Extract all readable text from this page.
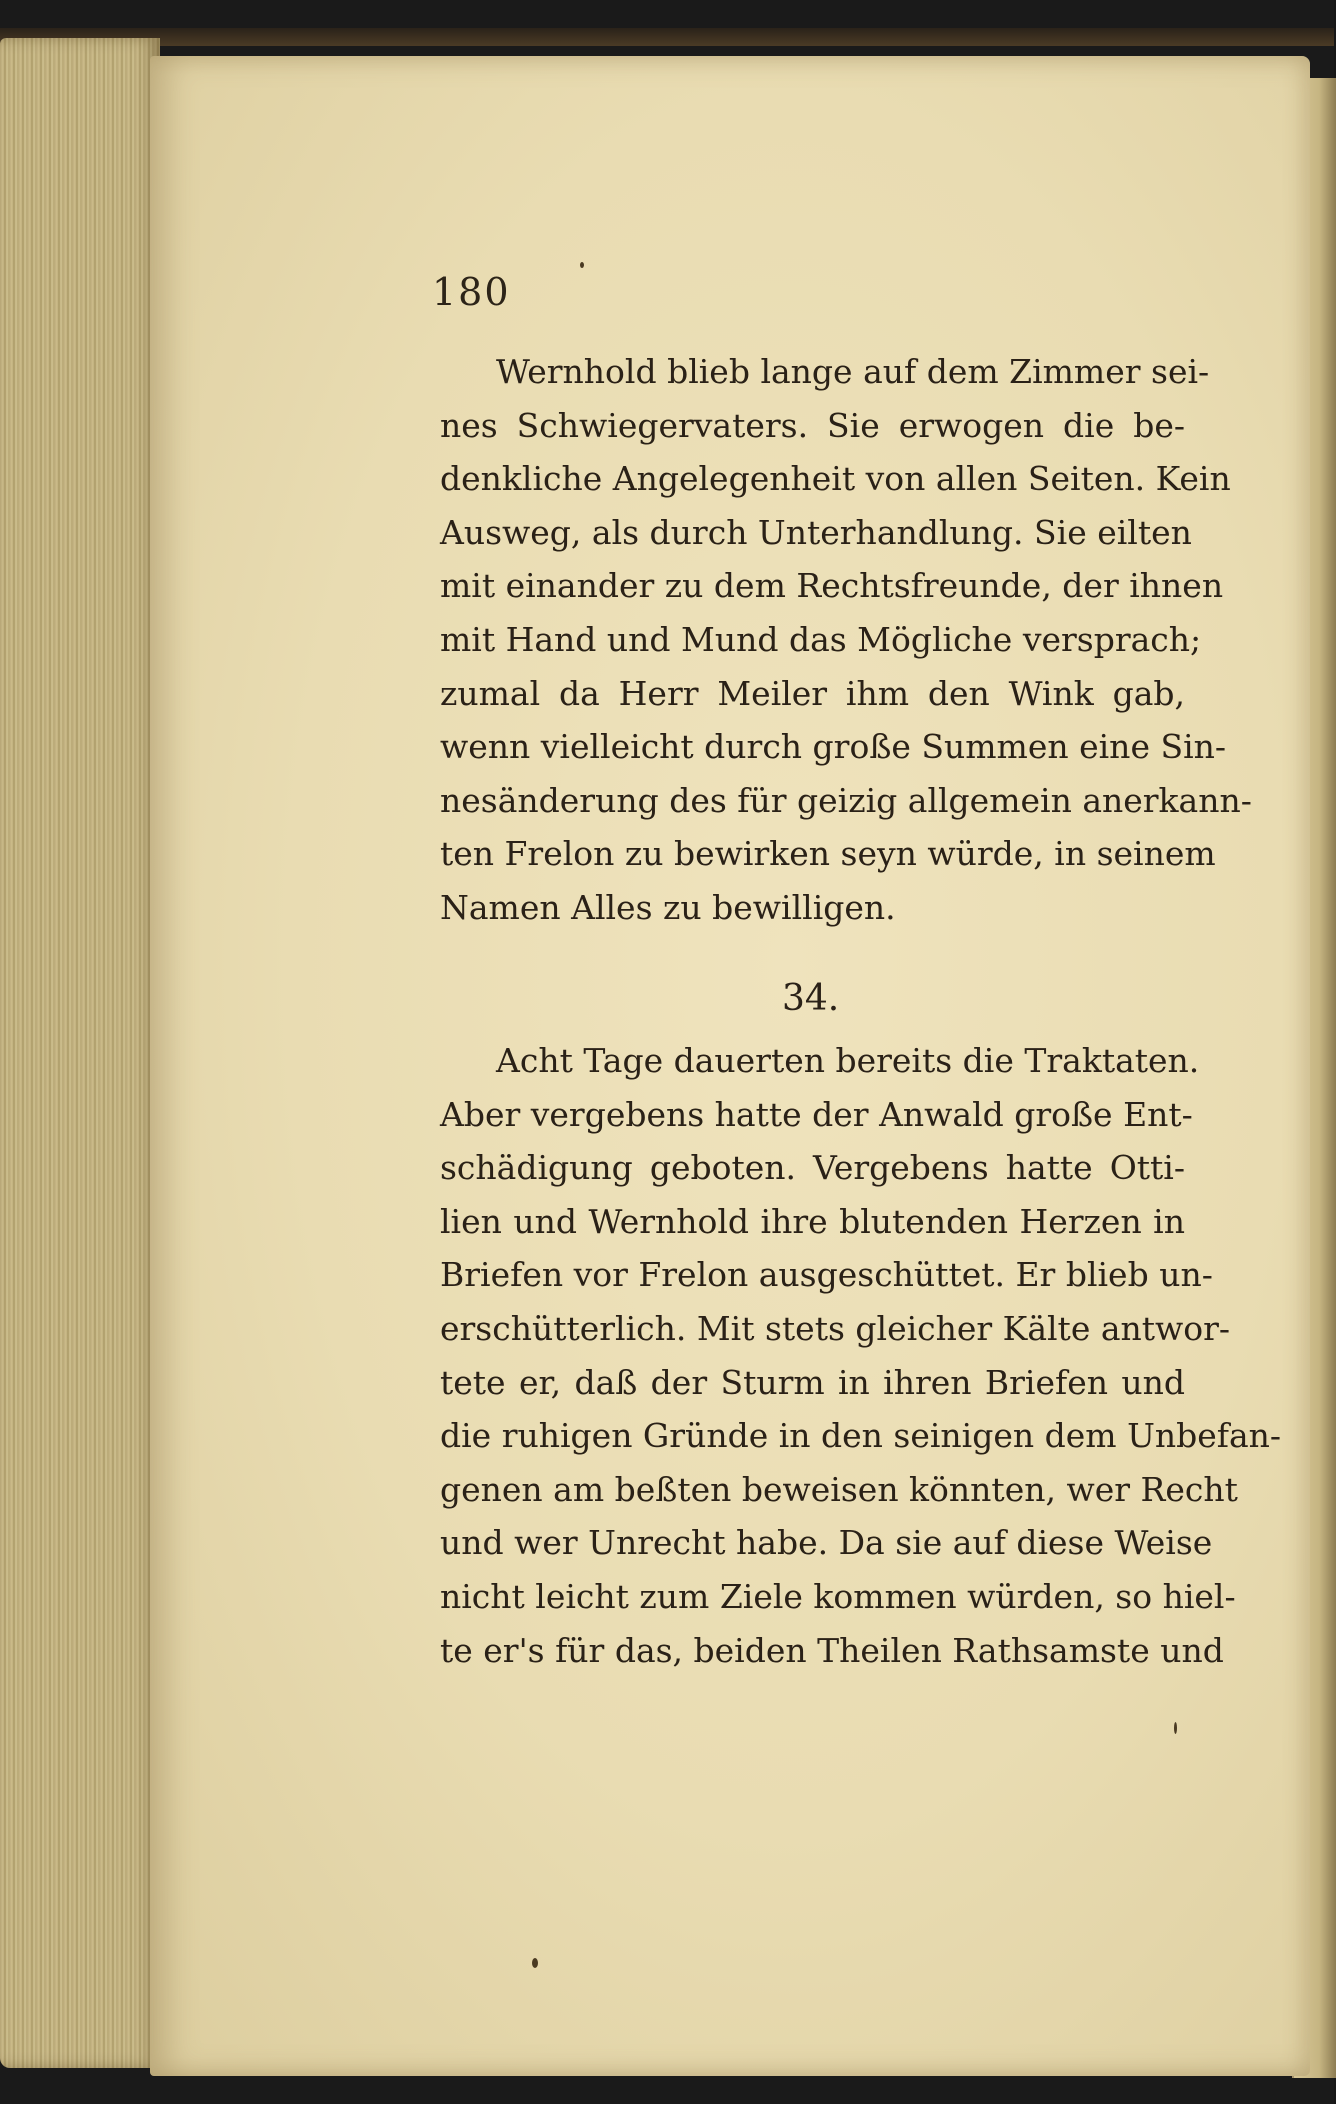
180
Wernhold blieb lange auf dem Zimmer sei-
nes Schwiegervaters. Sie erwogen die be-
denkliche Angelegenheit von allen Seiten. Kein
Ausweg, als durch Unterhandlung. Sie eilten
mit einander zu dem Rechtsfreunde, der ihnen
mit Hand und Mund das Mögliche versprach;
zumal da Herr Meiler ihm den Wink gab,
wenn vielleicht durch große Summen eine Sin-
nesänderung des für geizig allgemein anerkann-
ten Frelon zu bewirken seyn würde, in seinem
Namen Alles zu bewilligen.
34.
Acht Tage dauerten bereits die Traktaten.
Aber vergebens hatte der Anwald große Ent-
schädigung geboten. Vergebens hatte Otti-
lien und Wernhold ihre blutenden Herzen in
Briefen vor Frelon ausgeschüttet. Er blieb un-
erschütterlich. Mit stets gleicher Kälte antwor-
tete er, daß der Sturm in ihren Briefen und
die ruhigen Gründe in den seinigen dem Unbefan-
genen am beßten beweisen könnten, wer Recht
und wer Unrecht habe. Da sie auf diese Weise
nicht leicht zum Ziele kommen würden, so hiel-
te er's für das, beiden Theilen Rathsamste und
